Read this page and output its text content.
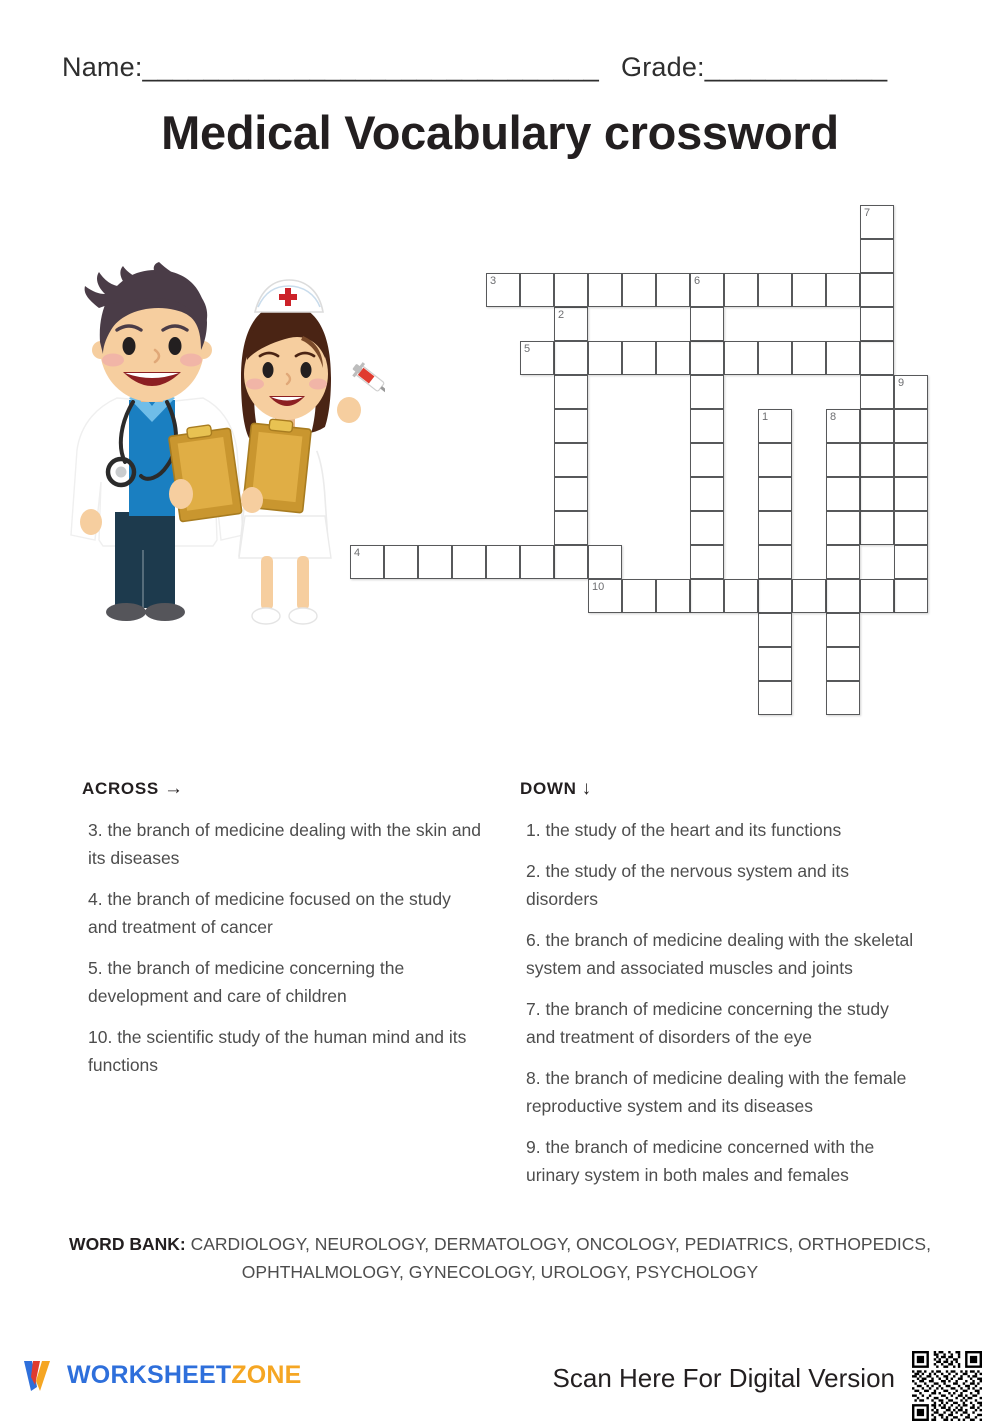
Name:______________________________ Grade:____________
Medical Vocabulary crossword
1
2
3	6
4
5
7
8
9
10
ACROSS →
3. the branch of medicine dealing with the skin and its diseases
4. the branch of medicine focused on the study and treatment of cancer
5. the branch of medicine concerning the development and care of children
10. the scientific study of the human mind and its functions
DOWN ↓
1. the study of the heart and its functions
2. the study of the nervous system and its disorders
6. the branch of medicine dealing with the skeletal system and associated muscles and joints
7. the branch of medicine concerning the study and treatment of disorders of the eye
8. the branch of medicine dealing with the female reproductive system and its diseases
9. the branch of medicine concerned with the urinary system in both males and females
WORD BANK: CARDIOLOGY, NEUROLOGY, DERMATOLOGY, ONCOLOGY, PEDIATRICS, ORTHOPEDICS, OPHTHALMOLOGY, GYNECOLOGY, UROLOGY, PSYCHOLOGY
WORKSHEETZONE	Scan Here For Digital Version
